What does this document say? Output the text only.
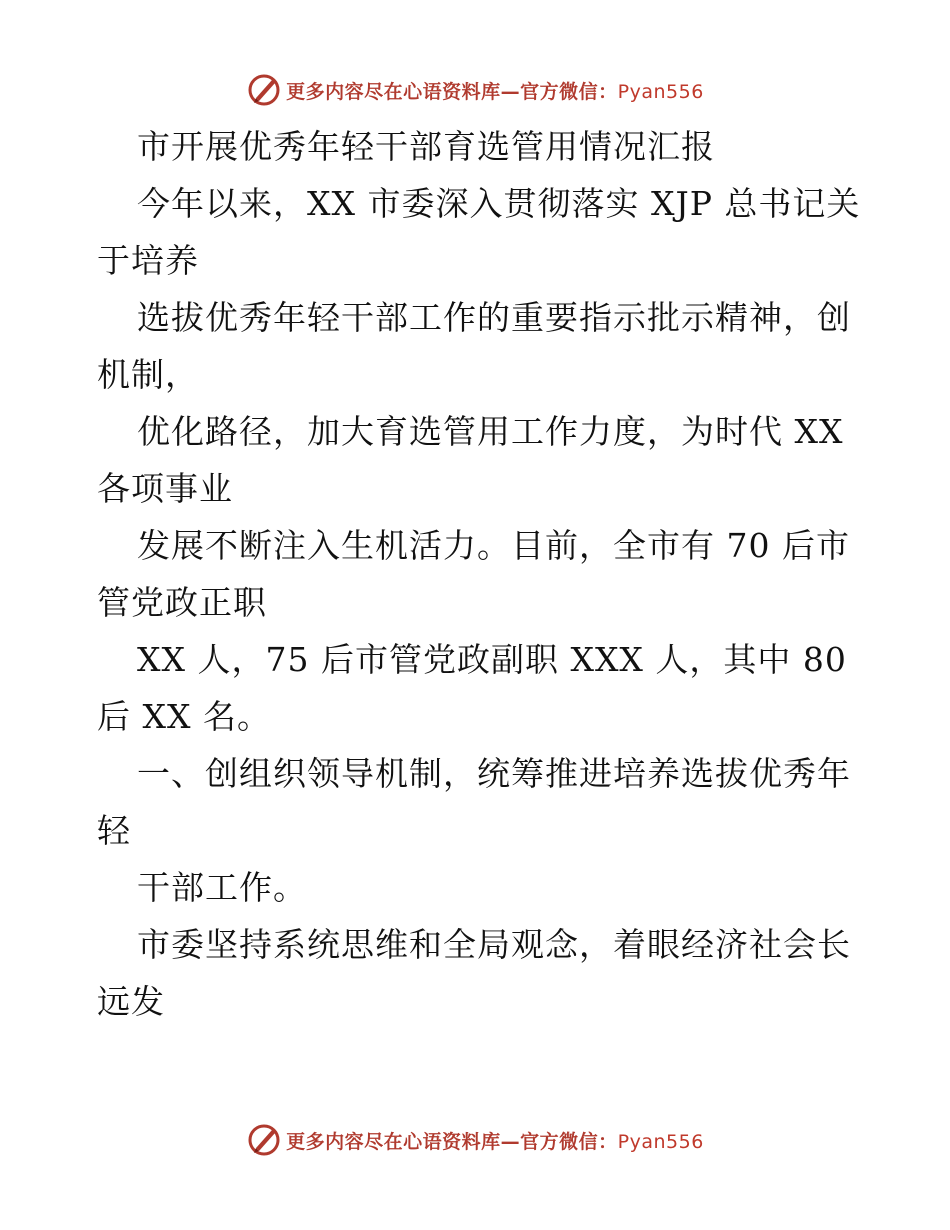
更多内容尽在心语资料库—官方微信：Pyan556
市开展优秀年轻干部育选管用情况汇报
今年以来，XX 市委深入贯彻落实 XJP 总书记关
于培养
选拔优秀年轻干部工作的重要指示批示精神，创
机制，
优化路径，加大育选管用工作力度，为时代 XX
各项事业
发展不断注入生机活力。目前，全市有 70 后市
管党政正职
XX 人，75 后市管党政副职 XXX 人，其中 80
后 XX 名。
一、创组织领导机制，统筹推进培养选拔优秀年
轻
干部工作。
市委坚持系统思维和全局观念，着眼经济社会长
远发
更多内容尽在心语资料库—官方微信：Pyan556
